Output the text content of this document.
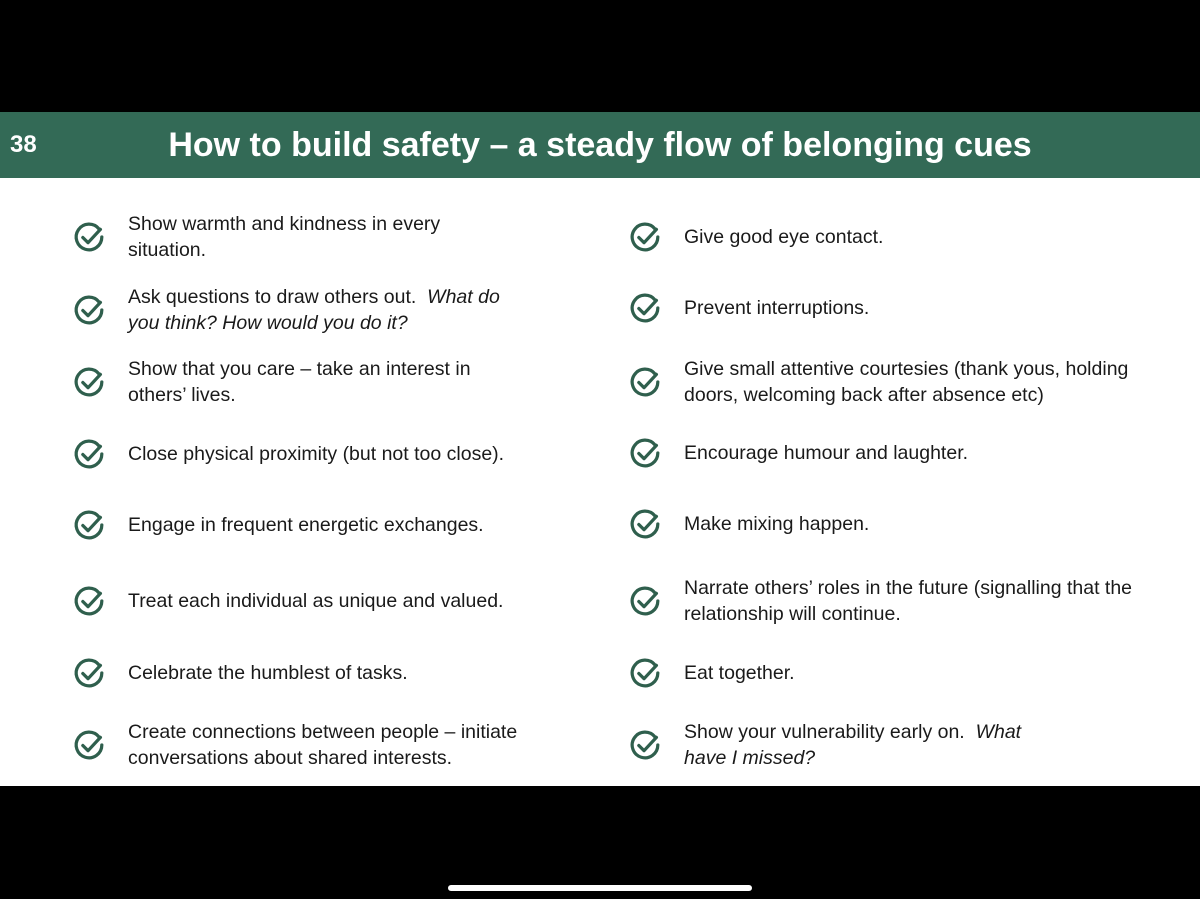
38	How to build safety – a steady flow of belonging cues
Show warmth and kindness in every situation.
Ask questions to draw others out. What do you think? How would you do it?
Show that you care – take an interest in others’ lives.
Close physical proximity (but not too close).
Engage in frequent energetic exchanges.
Treat each individual as unique and valued.
Celebrate the humblest of tasks.
Create connections between people – initiate conversations about shared interests.
Give good eye contact.
Prevent interruptions.
Give small attentive courtesies (thank yous, holding doors, welcoming back after absence etc)
Encourage humour and laughter.
Make mixing happen.
Narrate others’ roles in the future (signalling that the relationship will continue.
Eat together.
Show your vulnerability early on. What have I missed?
